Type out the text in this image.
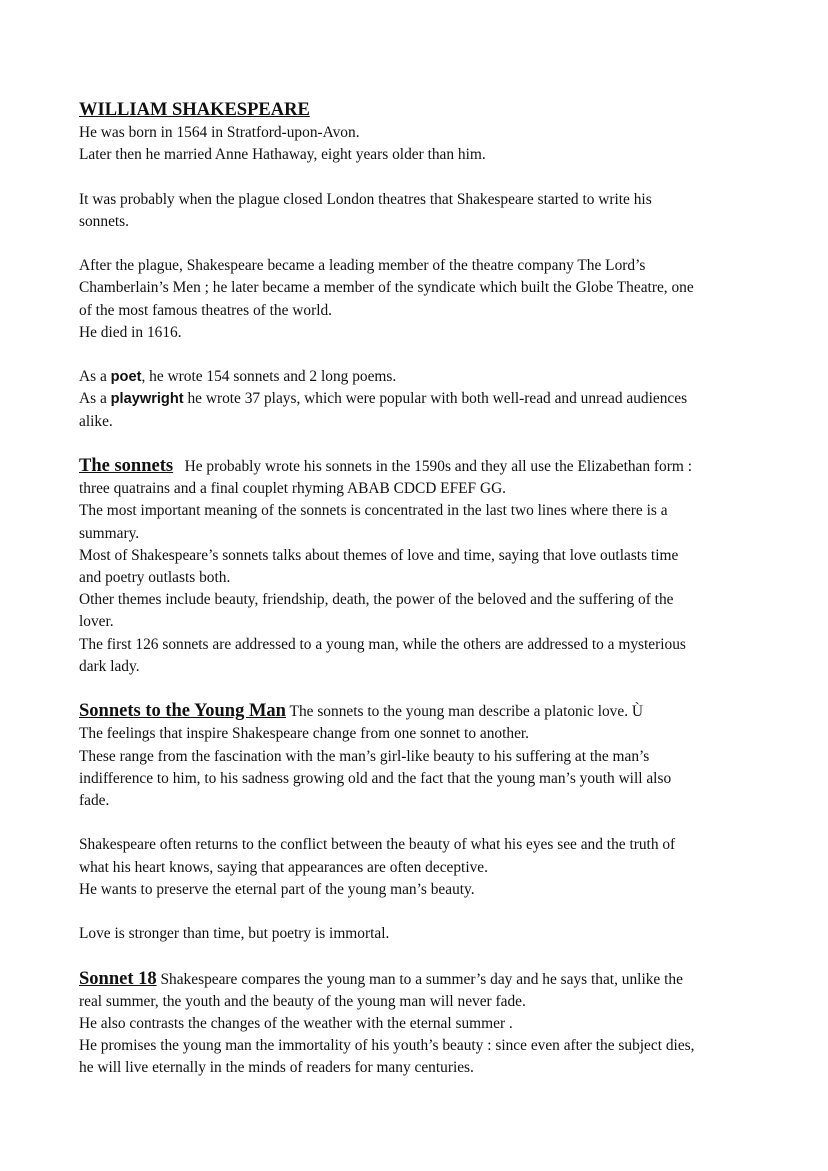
WILLIAM SHAKESPEARE
He was born in 1564 in Stratford-upon-Avon.
Later then he married Anne Hathaway, eight years older than him.
It was probably when the plague closed London theatres that Shakespeare started to write his
sonnets.
After the plague, Shakespeare became a leading member of the theatre company The Lord’s
Chamberlain’s Men ; he later became a member of the syndicate which built the Globe Theatre, one
of the most famous theatres of the world.
He died in 1616.
As a poet, he wrote 154 sonnets and 2 long poems.
As a playwright he wrote 37 plays, which were popular with both well-read and unread audiences
alike.
The sonnets He probably wrote his sonnets in the 1590s and they all use the Elizabethan form :
three quatrains and a final couplet rhyming ABAB CDCD EFEF GG.
The most important meaning of the sonnets is concentrated in the last two lines where there is a
summary.
Most of Shakespeare’s sonnets talks about themes of love and time, saying that love outlasts time
and poetry outlasts both.
Other themes include beauty, friendship, death, the power of the beloved and the suffering of the
lover.
The first 126 sonnets are addressed to a young man, while the others are addressed to a mysterious
dark lady.
Sonnets to the Young Man The sonnets to the young man describe a platonic love. Ù
The feelings that inspire Shakespeare change from one sonnet to another.
These range from the fascination with the man’s girl-like beauty to his suffering at the man’s
indifference to him, to his sadness growing old and the fact that the young man’s youth will also
fade.
Shakespeare often returns to the conflict between the beauty of what his eyes see and the truth of
what his heart knows, saying that appearances are often deceptive.
He wants to preserve the eternal part of the young man’s beauty.
Love is stronger than time, but poetry is immortal.
Sonnet 18 Shakespeare compares the young man to a summer’s day and he says that, unlike the
real summer, the youth and the beauty of the young man will never fade.
He also contrasts the changes of the weather with the eternal summer .
He promises the young man the immortality of his youth’s beauty : since even after the subject dies,
he will live eternally in the minds of readers for many centuries.
